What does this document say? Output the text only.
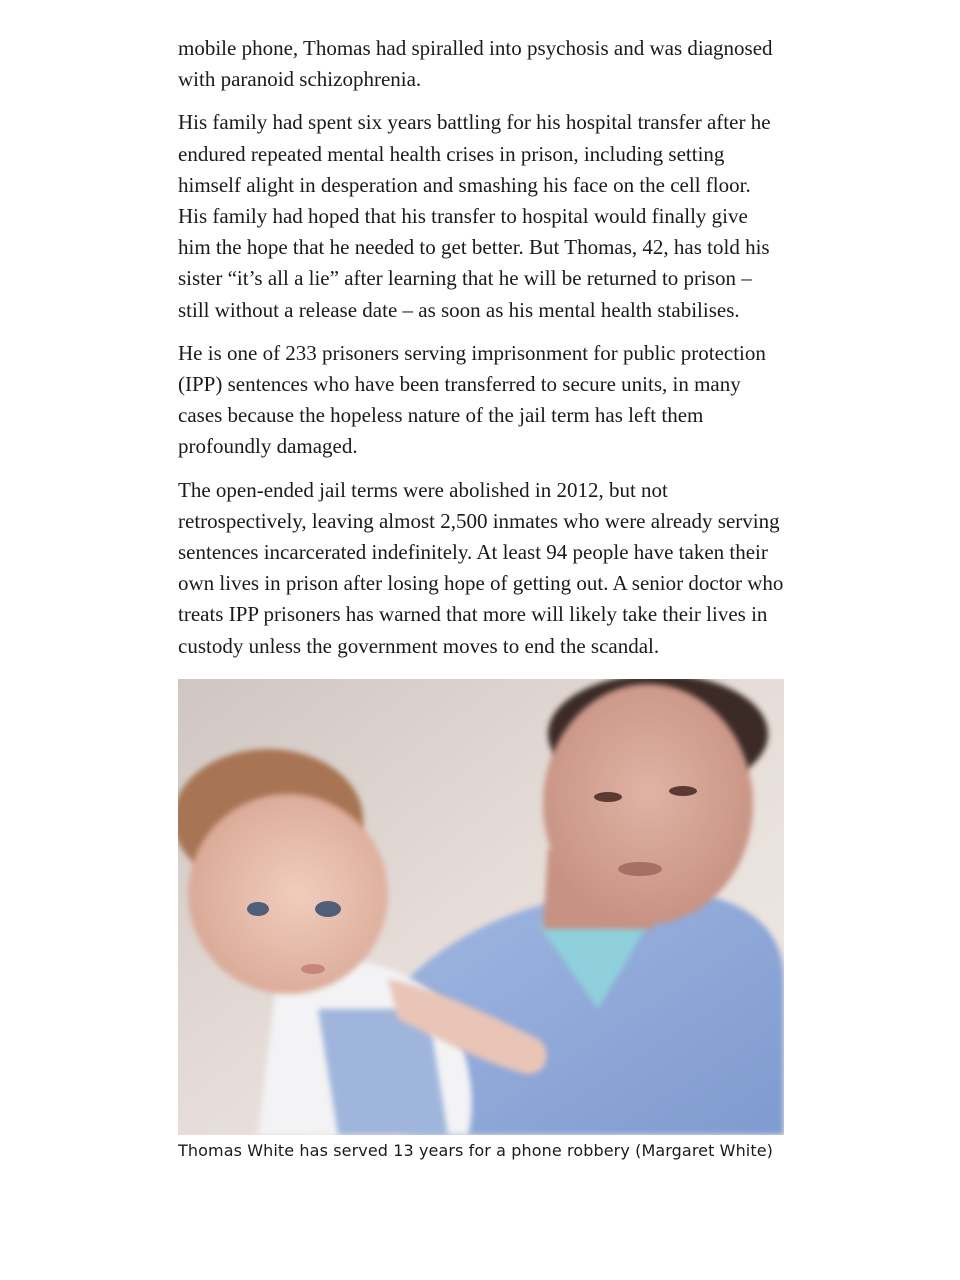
mobile phone, Thomas had spiralled into psychosis and was diagnosed with paranoid schizophrenia.

His family had spent six years battling for his hospital transfer after he endured repeated mental health crises in prison, including setting himself alight in desperation and smashing his face on the cell floor. His family had hoped that his transfer to hospital would finally give him the hope that he needed to get better. But Thomas, 42, has told his sister “it’s all a lie” after learning that he will be returned to prison – still without a release date – as soon as his mental health stabilises.

He is one of 233 prisoners serving imprisonment for public protection (IPP) sentences who have been transferred to secure units, in many cases because the hopeless nature of the jail term has left them profoundly damaged.

The open-ended jail terms were abolished in 2012, but not retrospectively, leaving almost 2,500 inmates who were already serving sentences incarcerated indefinitely. At least 94 people have taken their own lives in prison after losing hope of getting out. A senior doctor who treats IPP prisoners has warned that more will likely take their lives in custody unless the government moves to end the scandal.

Thomas White has served 13 years for a phone robbery (Margaret White)
